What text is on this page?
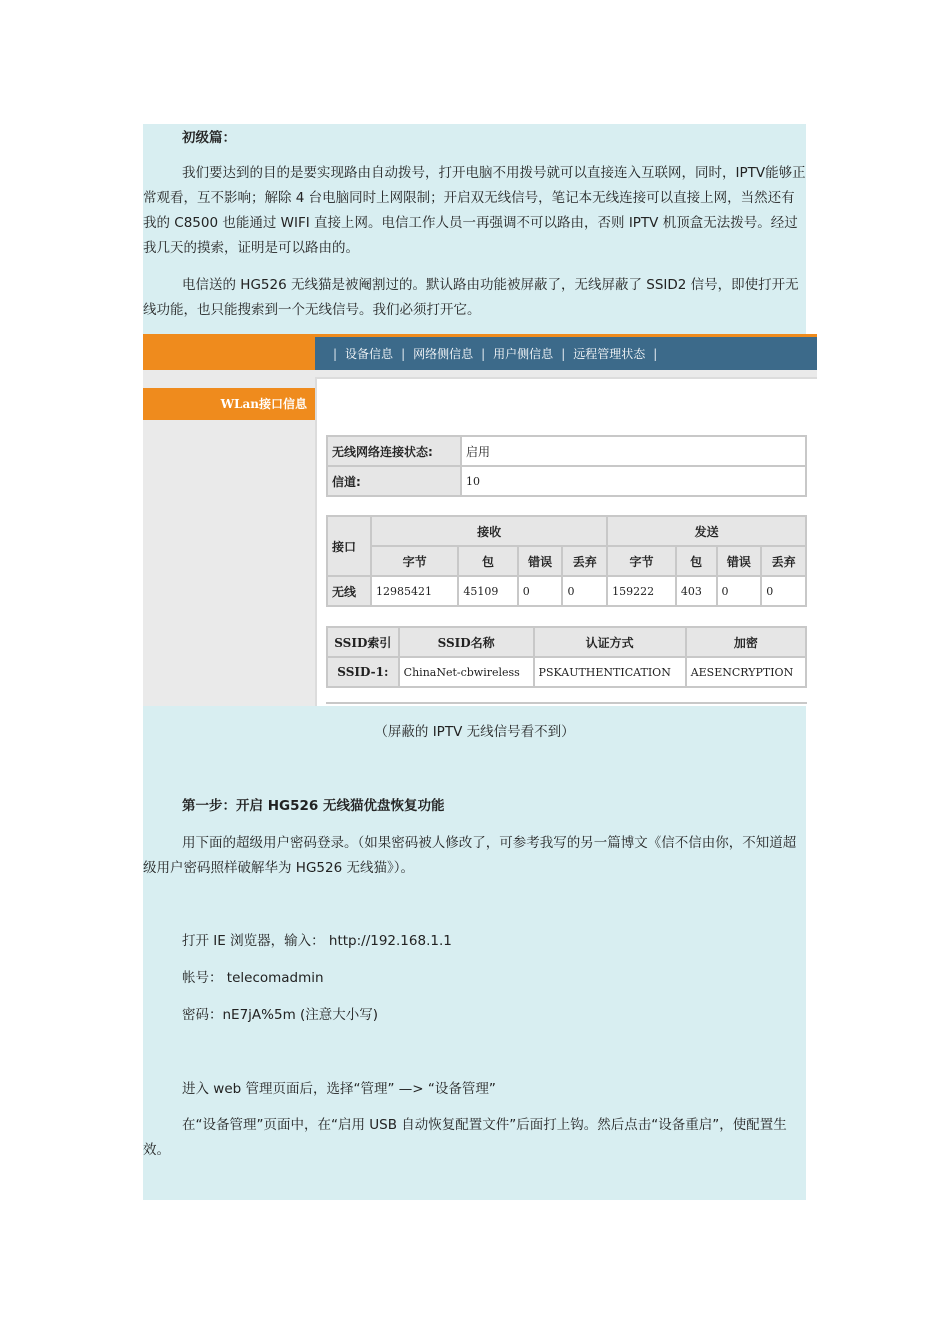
初级篇：

我们要达到的目的是要实现路由自动拨号，打开电脑不用拨号就可以直接连入互联网，同时，IPTV能够正常观看，互不影响；解除 4 台电脑同时上网限制；开启双无线信号，笔记本无线连接可以直接上网，当然还有我的 C8500 也能通过 WIFI 直接上网。电信工作人员一再强调不可以路由，否则 IPTV 机顶盒无法拨号。经过我几天的摸索，证明是可以路由的。

电信送的 HG526 无线猫是被阉割过的。默认路由功能被屏蔽了，无线屏蔽了 SSID2 信号，即使打开无线功能，也只能搜索到一个无线信号。我们必须打开它。

（屏蔽的 IPTV 无线信号看不到）

第一步：开启 HG526 无线猫优盘恢复功能

用下面的超级用户密码登录。（如果密码被人修改了，可参考我写的另一篇博文《信不信由你，不知道超级用户密码照样破解华为 HG526 无线猫》）。

打开 IE 浏览器，输入： http://192.168.1.1

帐号： telecomadmin

密码：nE7jA%5m (注意大小写)

进入 web 管理页面后，选择“管理” —> “设备管理”

在“设备管理”页面中，在“启用 USB 自动恢复配置文件”后面打上钩。然后点击“设备重启”，使配置生效。

| 设备信息 | 网络侧信息 | 用户侧信息 | 远程管理状态 |
WLan接口信息
无线网络连接状态:	启用
信道:	10
接口	接收				发送			
	字节	包	错误	丢弃	字节	包	错误	丢弃
无线	12985421	45109	0	0	159222	403	0	0
SSID索引	SSID名称	认证方式	加密
SSID-1:	ChinaNet-cbwireless	PSKAUTHENTICATION	AESENCRYPTION
